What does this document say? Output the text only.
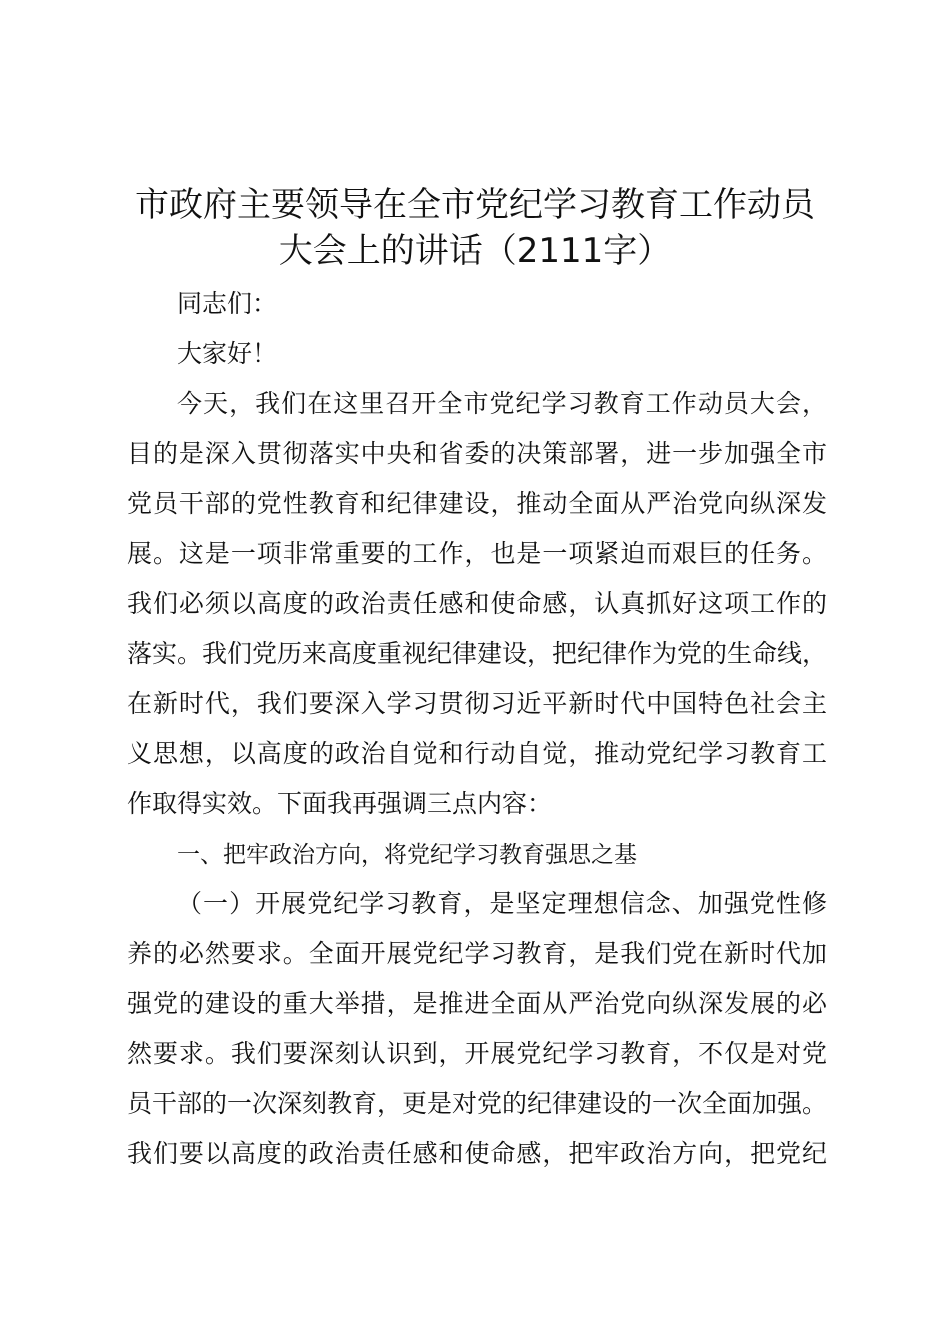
市政府主要领导在全市党纪学习教育工作动员
大会上的讲话（2111字）
同志们：
大家好！
今天，我们在这里召开全市党纪学习教育工作动员大会，
目的是深入贯彻落实中央和省委的决策部署，进一步加强全市
党员干部的党性教育和纪律建设，推动全面从严治党向纵深发
展。这是一项非常重要的工作，也是一项紧迫而艰巨的任务。
我们必须以高度的政治责任感和使命感，认真抓好这项工作的
落实。我们党历来高度重视纪律建设，把纪律作为党的生命线，
在新时代，我们要深入学习贯彻习近平新时代中国特色社会主
义思想，以高度的政治自觉和行动自觉，推动党纪学习教育工
作取得实效。下面我再强调三点内容：
一、把牢政治方向，将党纪学习教育强思之基
（一）开展党纪学习教育，是坚定理想信念、加强党性修
养的必然要求。全面开展党纪学习教育，是我们党在新时代加
强党的建设的重大举措，是推进全面从严治党向纵深发展的必
然要求。我们要深刻认识到，开展党纪学习教育，不仅是对党
员干部的一次深刻教育，更是对党的纪律建设的一次全面加强。
我们要以高度的政治责任感和使命感，把牢政治方向，把党纪
